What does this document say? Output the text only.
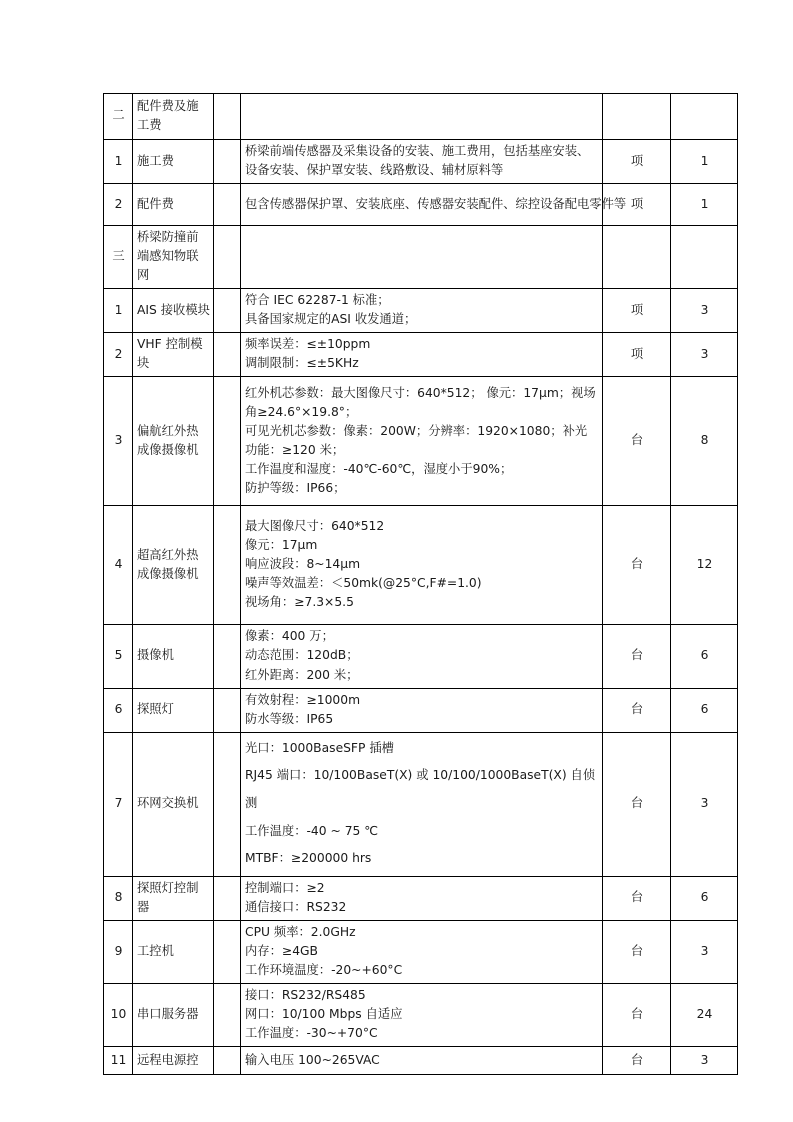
二	配件费及施工费				
1	施工费		桥梁前端传感器及采集设备的安装、施工费用，包括基座安装、设备安装、保护罩安装、线路敷设、辅材原料等	项	1
2	配件费		包含传感器保护罩、安装底座、传感器安装配件、综控设备配电零件等	项	1
三	桥梁防撞前端感知物联网				
1	AIS 接收模块		符合 IEC 62287-1 标准；
具备国家规定的ASI 收发通道；	项	3
2	VHF 控制模块		频率误差：≤±10ppm
调制限制：≤±5KHz	项	3
3	偏航红外热成像摄像机		红外机芯参数：最大图像尺寸：640*512； 像元：17μm；视场角≥24.6°×19.8°；
可见光机芯参数：像素：200W；分辨率：1920×1080；补光功能：≥120 米；
工作温度和湿度：-40℃-60℃，湿度小于90%；
防护等级：IP66；	台	8
4	超高红外热成像摄像机		最大图像尺寸：640*512
像元：17μm
响应波段：8~14μm
噪声等效温差：＜50mk(@25°C,F#=1.0)
视场角：≥7.3×5.5	台	12
5	摄像机		像素：400 万；
动态范围：120dB；
红外距离：200 米；	台	6
6	探照灯		有效射程：≥1000m
防水等级：IP65	台	6
7	环网交换机		光口：1000BaseSFP 插槽
RJ45 端口：10/100BaseT(X) 或 10/100/1000BaseT(X) 自侦测
工作温度：-40 ~ 75 ℃
MTBF：≥200000 hrs	台	3
8	探照灯控制器		控制端口：≥2
通信接口：RS232	台	6
9	工控机		CPU 频率：2.0GHz
内存：≥4GB
工作环境温度：-20~+60°C	台	3
10	串口服务器		接口：RS232/RS485
网口：10/100 Mbps 自适应
工作温度：-30~+70°C	台	24
11	远程电源控		输入电压 100~265VAC	台	3
